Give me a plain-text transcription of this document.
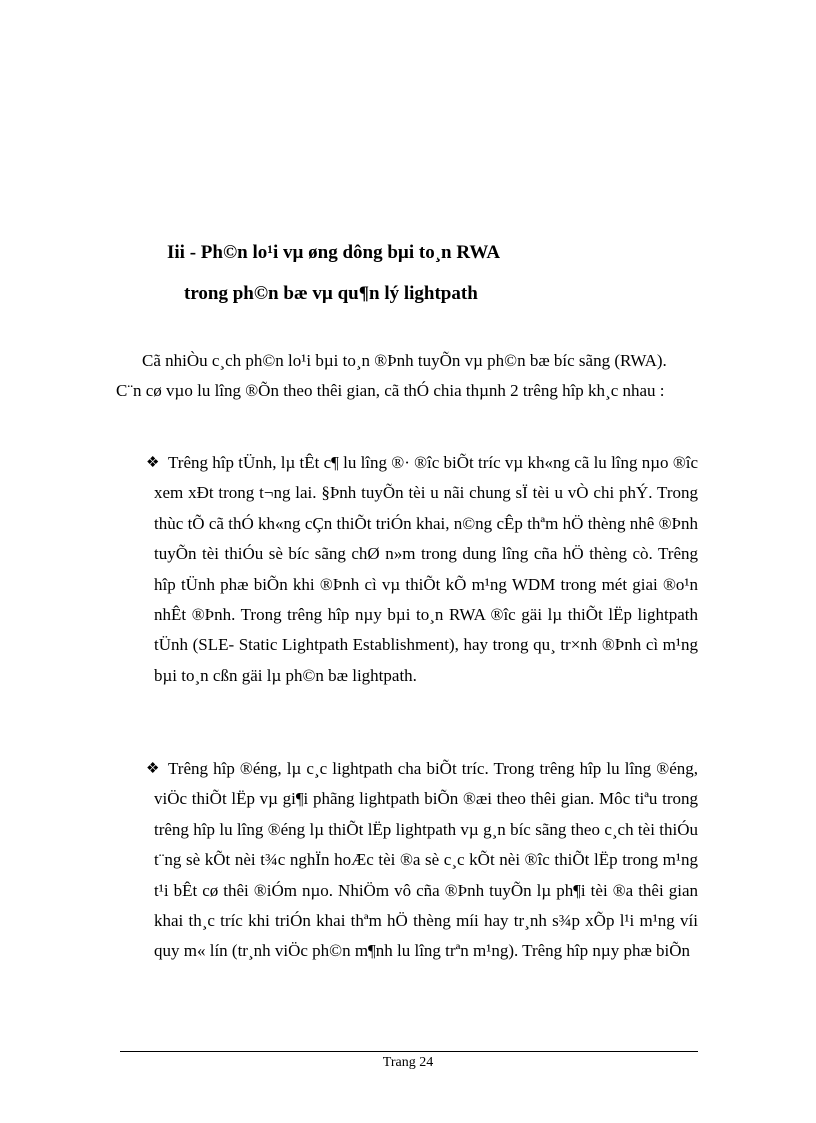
Iii - Ph©n lo¹i vµ øng dông bµi to¸n RWA
trong ph©n bæ vµ qu¶n lý lightpath

Cã nhiÒu c¸ch ph©n lo¹i bµi to¸n ®Þnh tuyÕn vµ ph©n bæ bíc sãng (RWA). C¨n cø vµo lu lîng ®Õn theo thêi gian, cã thÓ chia thµnh 2 trêng hîp kh¸c nhau :

❖ Trêng hîp tÜnh, lµ tÊt c¶ lu lîng ®· ®îc biÕt tríc vµ kh«ng cã lu lîng nµo ®îc xem xÐt trong t¬ng lai. §Þnh tuyÕn tèi u nãi chung sÏ tèi u vÒ chi phÝ. Trong thùc tÕ cã thÓ kh«ng cÇn thiÕt triÓn khai, n©ng cÊp thªm hÖ thèng nhê ®Þnh tuyÕn tèi thiÓu sè bíc sãng chØ n»m trong dung lîng cña hÖ thèng cò. Trêng hîp tÜnh phæ biÕn khi ®Þnh cì vµ thiÕt kÕ m¹ng WDM trong mét giai ®o¹n nhÊt ®Þnh. Trong trêng hîp nµy bµi to¸n RWA ®îc gäi lµ thiÕt lËp lightpath tÜnh (SLE- Static Lightpath Establishment), hay trong qu¸ tr×nh ®Þnh cì m¹ng bµi to¸n cßn gäi lµ ph©n bæ lightpath.
❖ Trêng hîp ®éng, lµ c¸c lightpath cha biÕt tríc. Trong trêng hîp lu lîng ®éng, viÖc thiÕt lËp vµ gi¶i phãng lightpath biÕn ®æi theo thêi gian. Môc tiªu trong trêng hîp lu lîng ®éng lµ thiÕt lËp lightpath vµ g¸n bíc sãng theo c¸ch tèi thiÓu t¨ng sè kÕt nèi t¾c nghÏn hoÆc tèi ®a sè c¸c kÕt nèi ®îc thiÕt lËp trong m¹ng t¹i bÊt cø thêi ®iÓm nµo. NhiÖm vô cña ®Þnh tuyÕn lµ ph¶i tèi ®a thêi gian khai th¸c tríc khi triÓn khai thªm hÖ thèng míi hay tr¸nh s¾p xÕp l¹i m¹ng víi quy m« lín (tr¸nh viÖc ph©n m¶nh lu lîng trªn m¹ng). Trêng hîp nµy phæ biÕn
Trang 24
